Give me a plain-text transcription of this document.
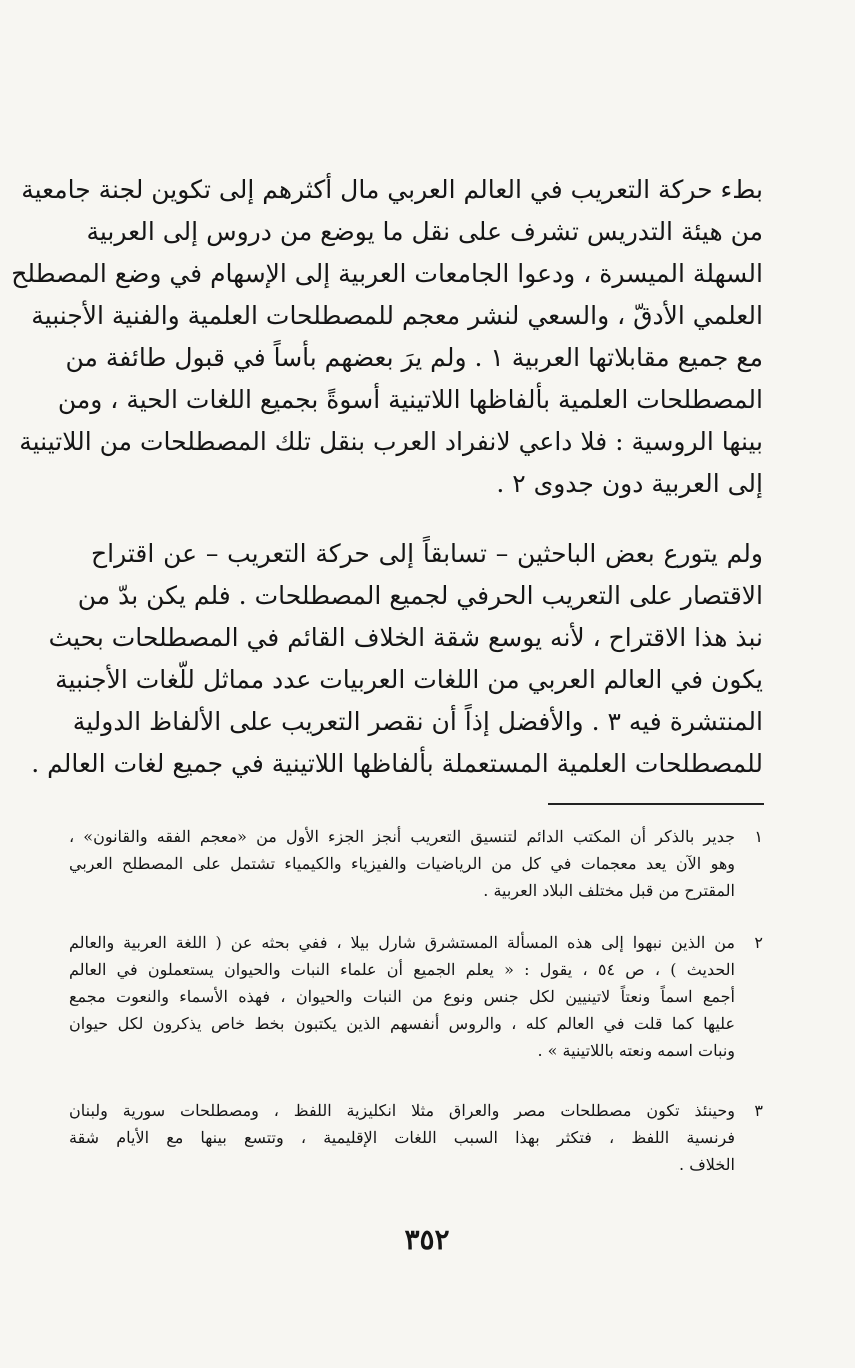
بطء حركة التعريب في العالم العربي مال أكثرهم إلى تكوين لجنة جامعية
من هيئة التدريس تشرف على نقل ما يوضع من دروس إلى العربية
السهلة الميسرة ، ودعوا الجامعات العربية إلى الإسهام في وضع المصطلح
العلمي الأدقّ ، والسعي لنشر معجم للمصطلحات العلمية والفنية الأجنبية
مع جميع مقابلاتها العربية ١ . ولم يرَ بعضهم بأساً في قبول طائفة من
المصطلحات العلمية بألفاظها اللاتينية أسوةً بجميع اللغات الحية ، ومن
بينها الروسية : فلا داعي لانفراد العرب بنقل تلك المصطلحات من اللاتينية
إلى العربية دون جدوى ٢ .
ولم يتورع بعض الباحثين – تسابقاً إلى حركة التعريب – عن اقتراح
الاقتصار على التعريب الحرفي لجميع المصطلحات . فلم يكن بدّ من
نبذ هذا الاقتراح ، لأنه يوسع شقة الخلاف القائم في المصطلحات بحيث
يكون في العالم العربي من اللغات العربيات عدد مماثل للّغات الأجنبية
المنتشرة فيه ٣ . والأفضل إذاً أن نقصر التعريب على الألفاظ الدولية
للمصطلحات العلمية المستعملة بألفاظها اللاتينية في جميع لغات العالم .
١
جدير بالذكر أن المكتب الدائم لتنسيق التعريب أنجز الجزء الأول من «معجم الفقه والقانون» ،
وهو الآن يعد معجمات في كل من الرياضيات والفيزياء والكيمياء تشتمل على المصطلح العربي
المقترح من قبل مختلف البلاد العربية .
٢
من الذين نبهوا إلى هذه المسألة المستشرق شارل بيلا ، ففي بحثه عن ( اللغة العربية والعالم
الحديث ) ، ص ٥٤ ، يقول : « يعلم الجميع أن علماء النبات والحيوان يستعملون في العالم
أجمع اسماً ونعتاً لاتينيين لكل جنس ونوع من النبات والحيوان ، فهذه الأسماء والنعوت مجمع
عليها كما قلت في العالم كله ، والروس أنفسهم الذين يكتبون بخط خاص يذكرون لكل حيوان
ونبات اسمه ونعته باللاتينية » .
٣
وحينئذ تكون مصطلحات مصر والعراق مثلا انكليزية اللفظ ، ومصطلحات سورية ولبنان
فرنسية اللفظ ، فتكثر بهذا السبب اللغات الإقليمية ، وتتسع بينها مع الأيام شقة
الخلاف .
٣٥٢
